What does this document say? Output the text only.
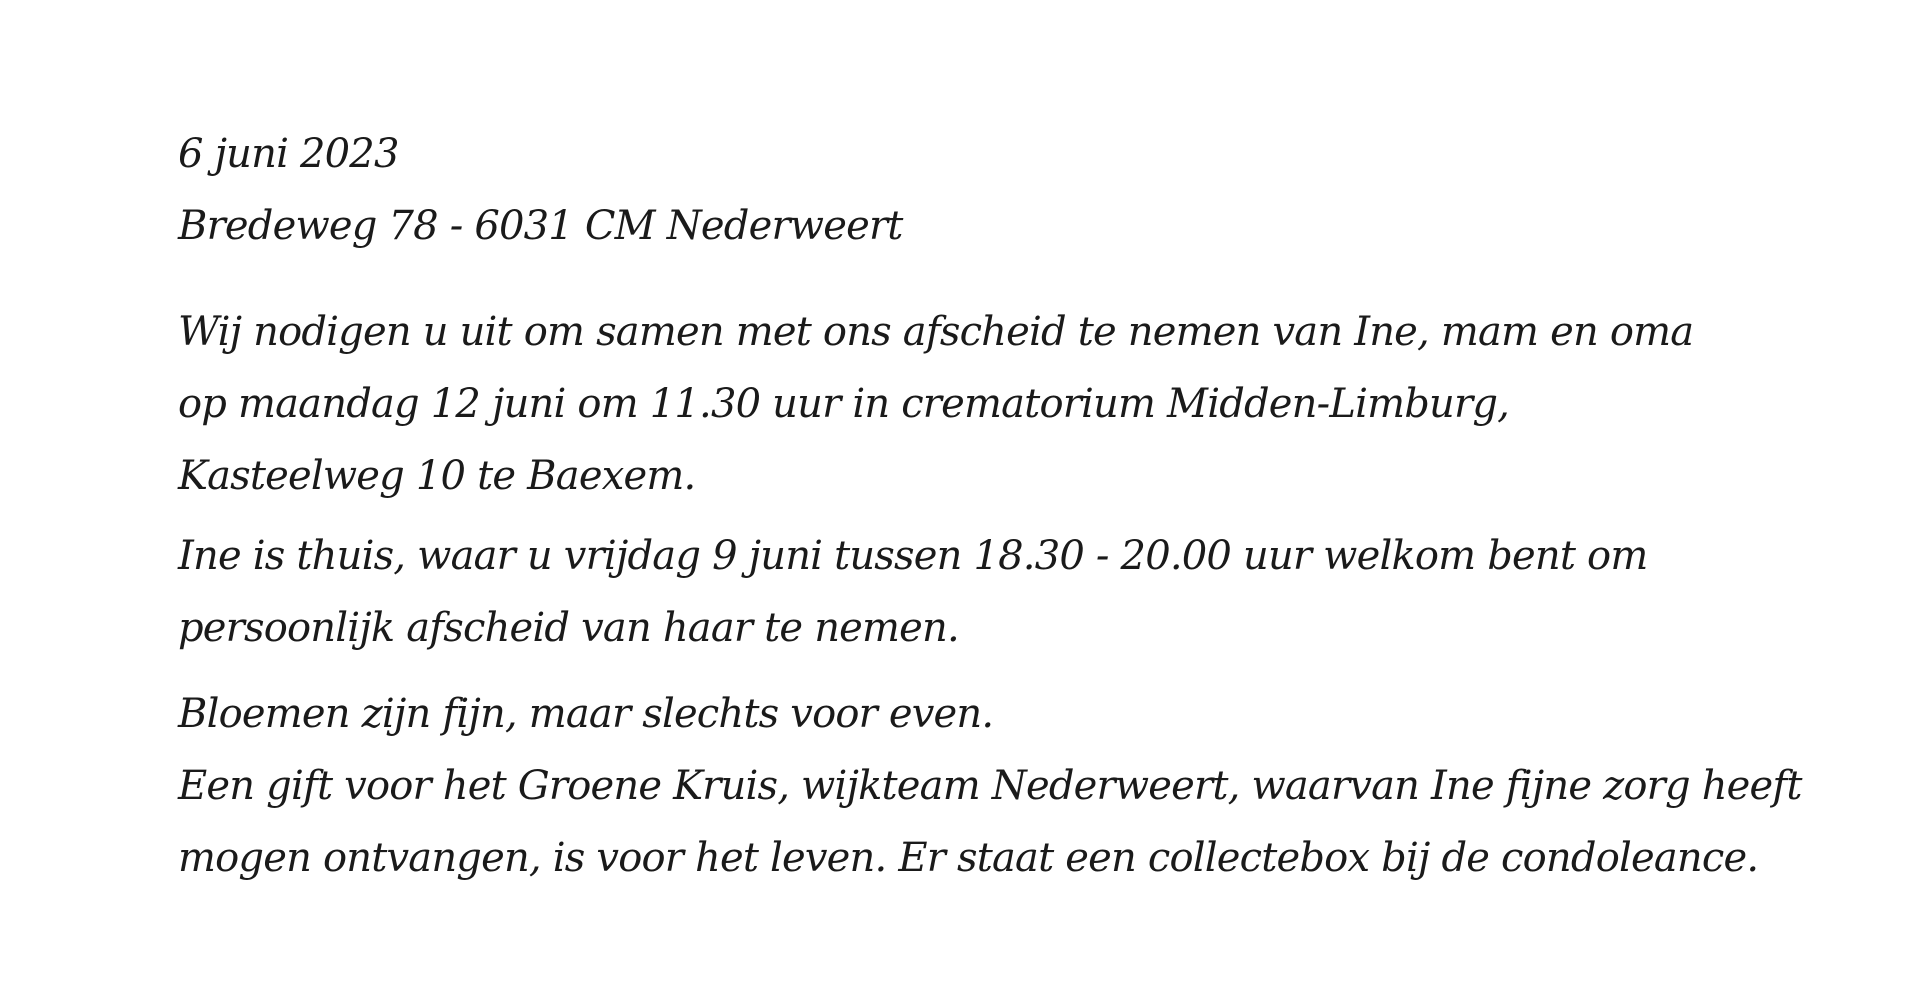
6 juni 2023
Bredeweg 78 - 6031 CM Nederweert
Wij nodigen u uit om samen met ons afscheid te nemen van Ine, mam en oma
op maandag 12 juni om 11.30 uur in crematorium Midden-Limburg,
Kasteelweg 10 te Baexem.
Ine is thuis, waar u vrijdag 9 juni tussen 18.30 - 20.00 uur welkom bent om
persoonlijk afscheid van haar te nemen.
Bloemen zijn fijn, maar slechts voor even.
Een gift voor het Groene Kruis, wijkteam Nederweert, waarvan Ine fijne zorg heeft
mogen ontvangen, is voor het leven. Er staat een collectebox bij de condoleance.
